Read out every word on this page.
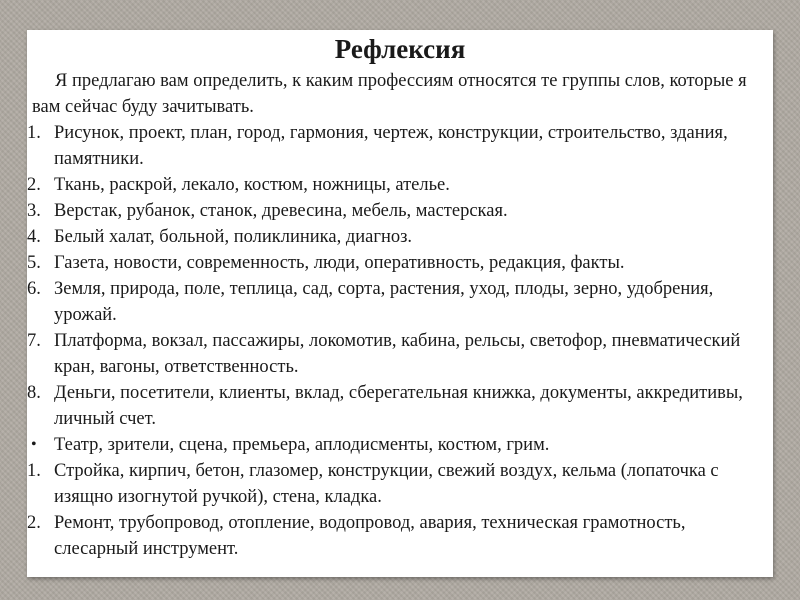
Рефлексия

Я предлагаю вам определить, к каким профессиям относятся те группы слов, которые я вам сейчас буду зачитывать.

1. Рисунок, проект, план, город, гармония, чертеж, конструкции, строительство, здания, памятники.
2. Ткань, раскрой, лекало, костюм, ножницы, ателье.
3. Верстак, рубанок, станок, древесина, мебель, мастерская.
4. Белый халат, больной, поликлиника, диагноз.
5. Газета, новости, современность, люди, оперативность, редакция, факты.
6. Земля, природа, поле, теплица, сад, сорта, растения, уход, плоды, зерно, удобрения, урожай.
7. Платформа, вокзал, пассажиры, локомотив, кабина, рельсы, светофор, пневматический кран, вагоны, ответственность.
8. Деньги, посетители, клиенты, вклад, сберегательная книжка, документы, аккредитивы, личный счет.
• Театр, зрители, сцена, премьера, аплодисменты, костюм, грим.
1. Стройка, кирпич, бетон, глазомер, конструкции, свежий воздух, кельма (лопаточка с изящно изогнутой ручкой), стена, кладка.
2. Ремонт, трубопровод, отопление, водопровод, авария, техническая грамотность, слесарный инструмент.
